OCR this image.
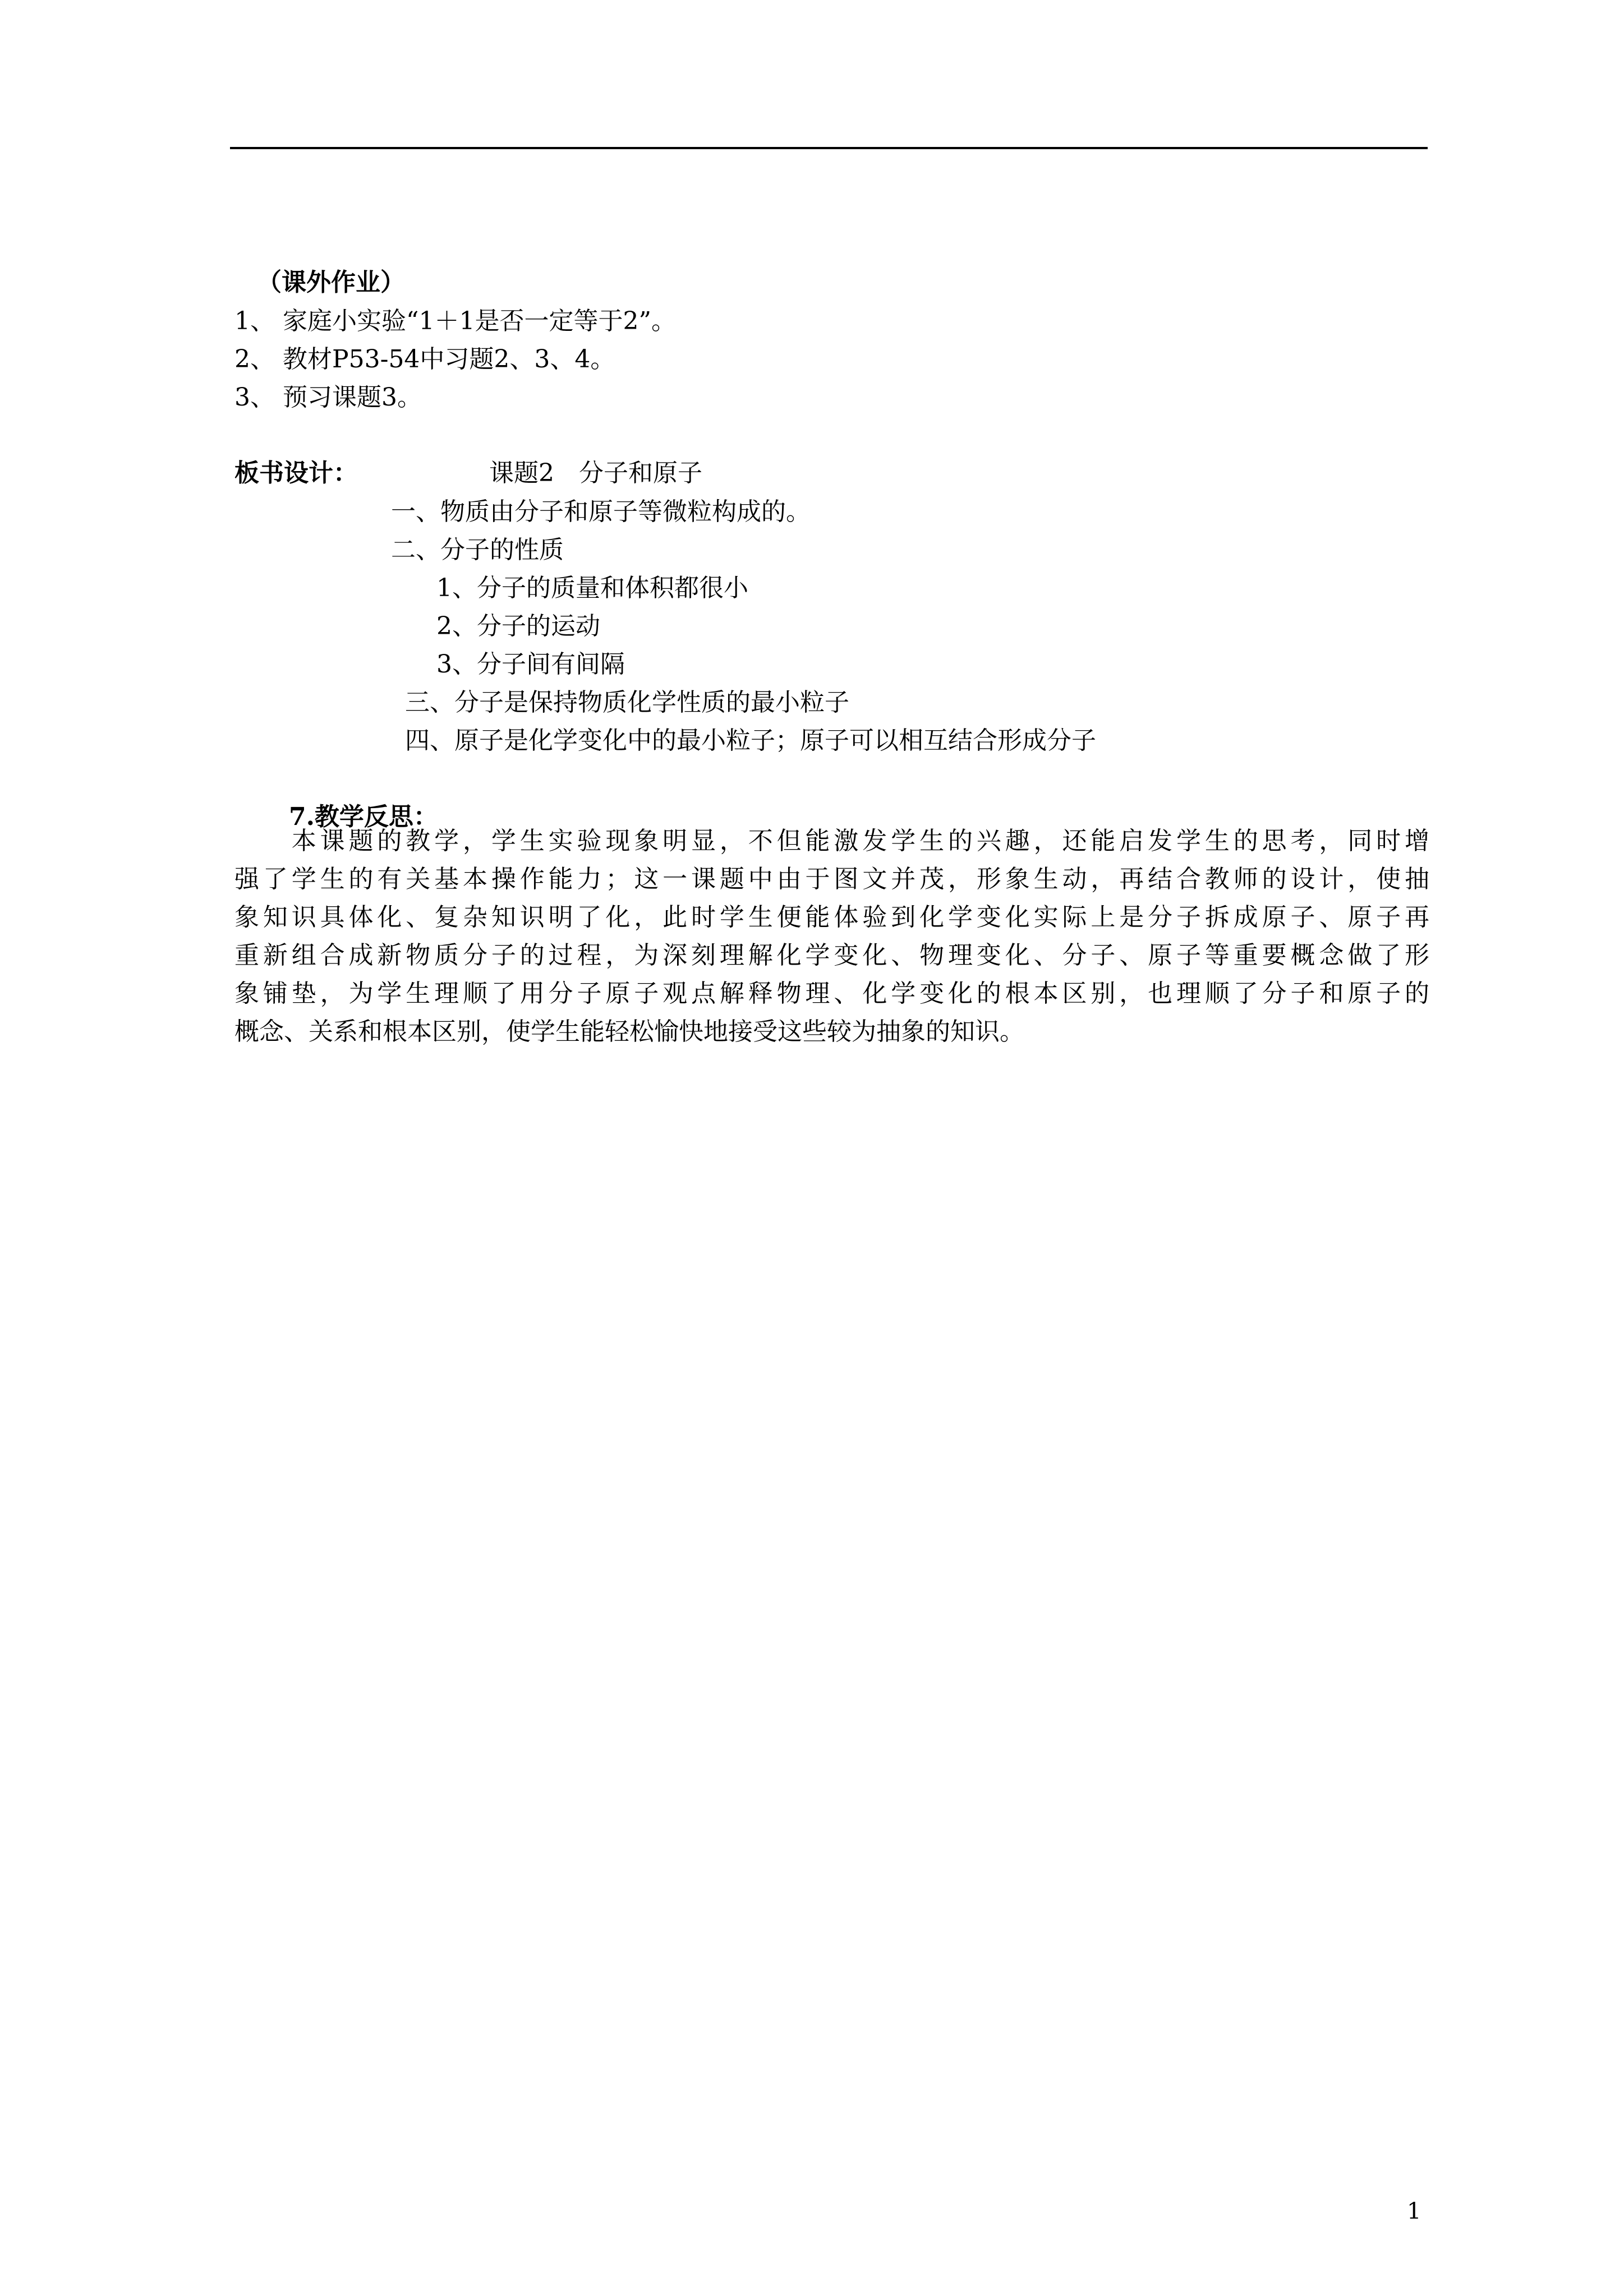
（课外作业）
1、 家庭小实验“1＋1是否一定等于2”。
2、 教材P53-54中习题2、3、4。
3、 预习课题3。
板书设计：	课题2　分子和原子
一、物质由分子和原子等微粒构成的。
二、分子的性质
1、分子的质量和体积都很小
2、分子的运动
3、分子间有间隔
三、分子是保持物质化学性质的最小粒子
四、原子是化学变化中的最小粒子；原子可以相互结合形成分子
7.教学反思：
　　本课题的教学，学生实验现象明显，不但能激发学生的兴趣，还能启发学生的思考，同时增
强了学生的有关基本操作能力；这一课题中由于图文并茂，形象生动，再结合教师的设计，使抽
象知识具体化、复杂知识明了化，此时学生便能体验到化学变化实际上是分子拆成原子、原子再
重新组合成新物质分子的过程，为深刻理解化学变化、物理变化、分子、原子等重要概念做了形
象铺垫，为学生理顺了用分子原子观点解释物理、化学变化的根本区别，也理顺了分子和原子的
概念、关系和根本区别，使学生能轻松愉快地接受这些较为抽象的知识。
1
